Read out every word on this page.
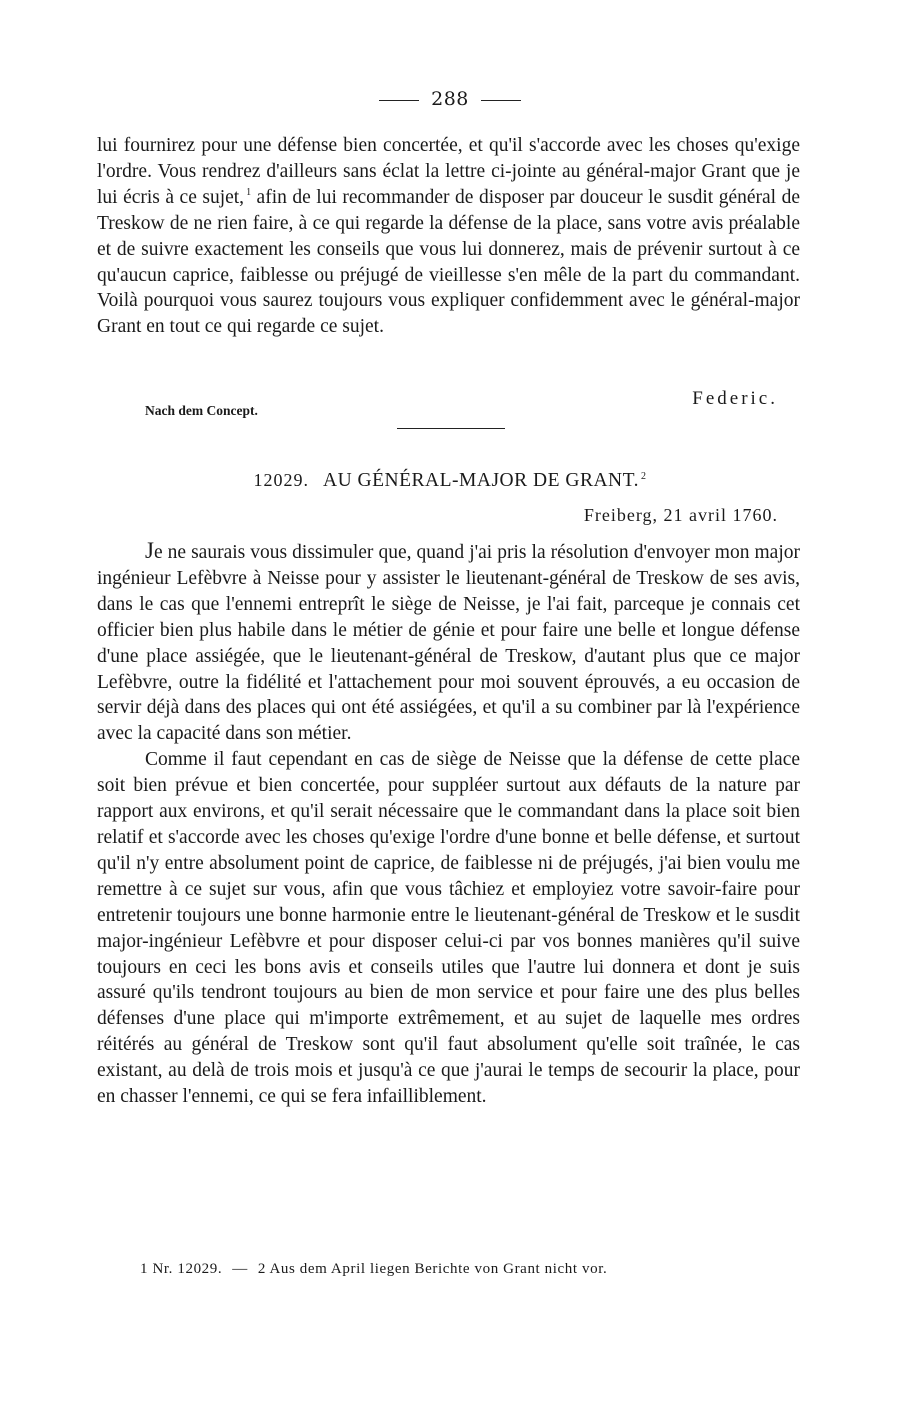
288

lui fournirez pour une défense bien concertée, et qu'il s'accorde avec les choses qu'exige l'ordre. Vous rendrez d'ailleurs sans éclat la lettre ci-jointe au général-major Grant que je lui écris à ce sujet, $^1$ afin de lui recommander de disposer par douceur le susdit général de Treskow de ne rien faire, à ce qui regarde la défense de la place, sans votre avis préalable et de suivre exactement les conseils que vous lui donnerez, mais de prévenir surtout à ce qu'aucun caprice, faiblesse ou préjugé de vieillesse s'en mêle de la part du commandant. Voilà pourquoi vous saurez toujours vous expliquer confidemment avec le général-major Grant en tout ce qui regarde ce sujet.

Nach dem Concept.
Federic.
12029. AU GÉNÉRAL-MAJOR DE GRANT. $^2$
Freiberg, 21 avril 1760.

Je ne saurais vous dissimuler que, quand j'ai pris la résolution d'envoyer mon major ingénieur Lefèbvre à Neisse pour y assister le lieutenant-général de Treskow de ses avis, dans le cas que l'ennemi entreprît le siège de Neisse, je l'ai fait, parceque je connais cet officier bien plus habile dans le métier de génie et pour faire une belle et longue défense d'une place assiégée, que le lieutenant-général de Treskow, d'autant plus que ce major Lefèbvre, outre la fidélité et l'attachement pour moi souvent éprouvés, a eu occasion de servir déjà dans des places qui ont été assiégées, et qu'il a su combiner par là l'expérience avec la capacité dans son métier.

Comme il faut cependant en cas de siège de Neisse que la défense de cette place soit bien prévue et bien concertée, pour suppléer surtout aux défauts de la nature par rapport aux environs, et qu'il serait nécessaire que le commandant dans la place soit bien relatif et s'accorde avec les choses qu'exige l'ordre d'une bonne et belle défense, et surtout qu'il n'y entre absolument point de caprice, de faiblesse ni de préjugés, j'ai bien voulu me remettre à ce sujet sur vous, afin que vous tâchiez et employiez votre savoir-faire pour entretenir toujours une bonne harmonie entre le lieutenant-général de Treskow et le susdit major-ingénieur Lefèbvre et pour disposer celui-ci par vos bonnes manières qu'il suive toujours en ceci les bons avis et conseils utiles que l'autre lui donnera et dont je suis assuré qu'ils tendront toujours au bien de mon service et pour faire une des plus belles défenses d'une place qui m'importe extrêmement, et au sujet de laquelle mes ordres réitérés au général de Treskow sont qu'il faut absolument qu'elle soit traînée, le cas existant, au delà de trois mois et jusqu'à ce que j'aurai le temps de secourir la place, pour en chasser l'ennemi, ce qui se fera infailliblement.

1 Nr. 12029. — 2 Aus dem April liegen Berichte von Grant nicht vor.
